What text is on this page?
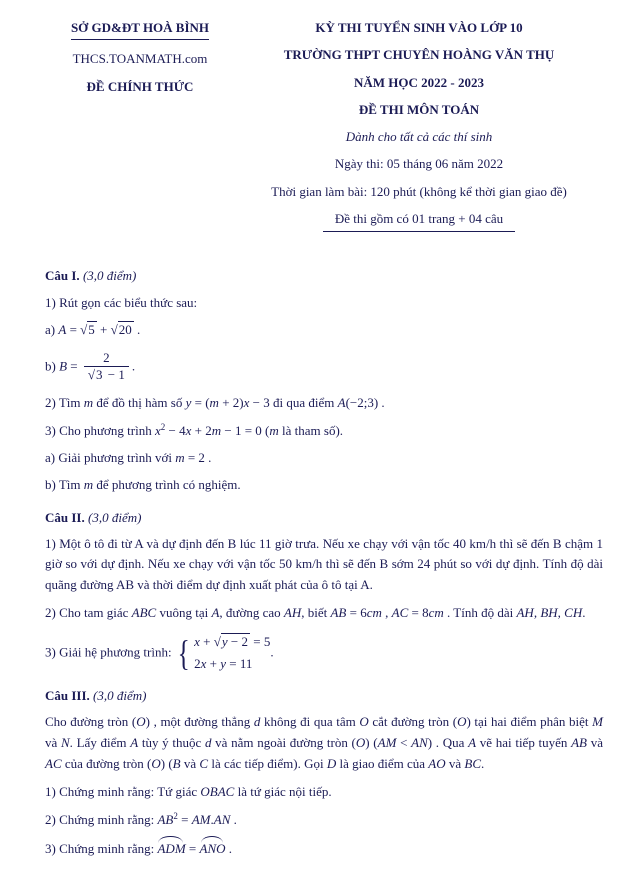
SỞ GD&ĐT HOÀ BÌNH
THCS.TOANMATH.com
ĐỀ CHÍNH THỨC
KỲ THI TUYỂN SINH VÀO LỚP 10
TRƯỜNG THPT CHUYÊN HOÀNG VĂN THỤ
NĂM HỌC 2022 - 2023
ĐỀ THI MÔN TOÁN
Dành cho tất cả các thí sinh
Ngày thi: 05 tháng 06 năm 2022
Thời gian làm bài: 120 phút (không kể thời gian giao đề)
Đề thi gồm có 01 trang + 04 câu

Câu I. (3,0 điểm)

1) Rút gọn các biểu thức sau:

a) A = √5 + √20 .

b) $B = \frac{2}{√3 - 1}$ .

2) Tìm m để đồ thị hàm số y = (m + 2)x − 3 đi qua điểm A(−2;3) .

3) Cho phương trình $x^2 - 4x + 2m - 1 = 0$ (m là tham số).

a) Giải phương trình với m = 2 .

b) Tìm m để phương trình có nghiệm.

Câu II. (3,0 điểm)

1) Một ô tô đi từ A và dự định đến B lúc 11 giờ trưa. Nếu xe chạy với vận tốc 40 km/h thì sẽ đến B chậm 1 giờ so với dự định. Nếu xe chạy với vận tốc 50 km/h thì sẽ đến B sớm 24 phút so với dự định. Tính độ dài quãng đường AB và thời điểm dự định xuất phát của ô tô tại A.

2) Cho tam giác ABC vuông tại A, đường cao AH, biết AB = 6cm , AC = 8cm . Tính độ dài AH, BH, CH.

3) Giải hệ phương trình: { x + √y − 2 = 5
2x + y = 11
.

Câu III. (3,0 điểm)

Cho đường tròn (O) , một đường thẳng d không đi qua tâm O cắt đường tròn (O) tại hai điểm phân biệt M và N. Lấy điểm A tùy ý thuộc d và nằm ngoài đường tròn (O) (AM < AN) . Qua A vẽ hai tiếp tuyến AB và AC của đường tròn (O) (B và C là các tiếp điểm). Gọi D là giao điểm của AO và BC.

1) Chứng minh rằng: Tứ giác OBAC là tứ giác nội tiếp.

2) Chứng minh rằng: $AB^2 = AM.AN$ .

3) Chứng minh rằng: ADM = ANO .
